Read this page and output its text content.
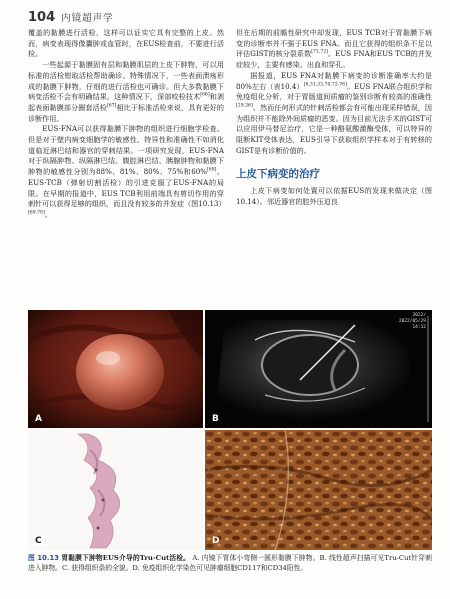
104 内镜超声学

覆盖的黏膜进行活检，这样可以证实它具有完整的上皮。然而，病变表现得像囊肿或血管时，在EUS检查前，不要进行活检。

一些起源于黏膜固有层和黏膜肌层的上皮下肿物，可以用标准的活检钳取活检帮助确诊。特殊情况下，一些表面溃疡形成的黏膜下肿物，仔细的进行活检也可确诊。但大多数黏膜下病变活检不会有明确结果。这种情况下，深部咬检技术[66]和剥起表面黏膜部分圈套活检[67]相比于标准活检来说，具有更好的诊断作用。

EUS-FNA可以获得黏膜下肿物的组织进行细胞学检查。但是对于壁内病变细胞学的敏感性、特异性和准确性不如消化道临近淋巴结和器官的穿刺结果。一项研究发现，EUS-FNA对于纵隔肿物、纵隔淋巴结、腹腔淋巴结、胰腺肿物和黏膜下肿物的敏感性分别为88%、81%、80%、75%和60%[68]。EUS-TCB（弹射切割活检）的引进克服了EUS-FNA的局限。在早期的报道中，EUS TCB利用前端具有剪切作用的穿刺针可以获得足够的组织，而且没有较多的并发症（图10.13）[69,70]。

但在后期的前瞻性研究中却发现，EUS TCB对于胃黏膜下病变的诊断率并不强于EUS FNA。而且它获得的组织条不足以评估GIST的核分裂系数[71,72]。EUS FNA和EUS TCB的并发症较少，主要有感染、出血和穿孔。

据报道，EUS FNA对黏膜下病变的诊断准确率大约是80%左右（表10.4）[8,31,33,70,72-76]。EUS FNA联合组织学和免疫组化分析，对于胃肠道间质瘤的鉴别诊断有较高的准确性[29,36]。然而任何形式的针刺活检都会有可能出现采样错误，因为组织并不能除外间质瘤的恶变。因为目前无法手术的GIST可以应用伊马替尼治疗，它是一种酪氨酸激酶受体，可以特异的阻断KIT受体表达，EUS引导下获取组织学样本对于有转移的GIST是有诊断价值的。

上皮下病变的治疗

上皮下病变如何处置可以依据EUS的发现来做决定（图10.14）。邻近器官的腔外压迫良

A
2022/
2022/05/29
14:12
B
C	D
图 10.13 胃黏膜下肿物EUS介导的Tru-Cut活检。 A. 内镜下胃体小弯侧一圆形黏膜下肿物。B. 线性超声扫描可见Tru-Cut针穿刺进入肿物。C. 获得组织条的全貌。D. 免疫组织化学染色可见肿瘤细胞CD117和CD34阳性。
